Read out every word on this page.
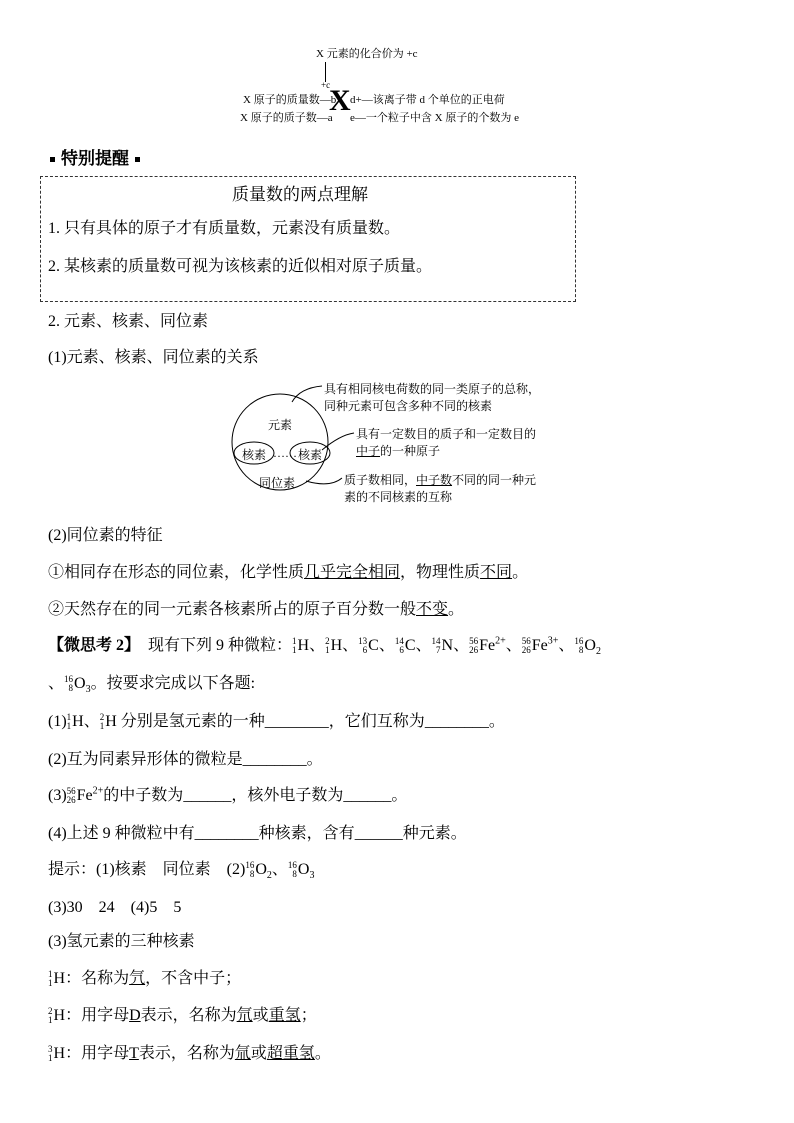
X 元素的化合价为 +c
+c
X
X 原子的质量数—b
X 原子的质子数—a
d+—该离子带 d 个单位的正电荷
e—一个粒子中含 X 原子的个数为 e
特别提醒
质量数的两点理解
1. 只有具体的原子才有质量数，元素没有质量数。
2. 某核素的质量数可视为该核素的近似相对原子质量。
2. 元素、核素、同位素
(1)元素、核素、同位素的关系
元素
核素 …… 核素
同位素
具有相同核电荷数的同一类原子的总称，
同种元素可包含多种不同的核素
具有一定数目的质子和一定数目的
中子的一种原子
质子数相同，中子数不同的同一种元
素的不同核素的互称
(2)同位素的特征
①相同存在形态的同位素，化学性质几乎完全相同，物理性质不同。
②天然存在的同一元素各核素所占的原子百分数一般不变。
【微思考 2】 现有下列 9 种微粒： 1
1 H、 2
1 H、 13
6 C、 14
6 C、 14
7 N、 56
26 $Fe^{2+}$、 56
26 $Fe^{3+}$、 16
8 $O_2$
、 16
8 $O_3$。按要求完成以下各题:
(1) 1
1 H、 2
1 H 分别是氢元素的一种________，它们互称为________。
(2)互为同素异形体的微粒是________。
(3) 56
26 $Fe^{2+}$的中子数为______，核外电子数为______。
(4)上述 9 种微粒中有________种核素，含有______种元素。
提示：(1)核素　同位素　(2) 16
8 $O_2$、 16
8 $O_3$
(3)30　24　(4)5　5
(3)氢元素的三种核素
1
1 H：名称为氕，不含中子；
2
1 H：用字母D表示，名称为氘或重氢；
3
1 H：用字母T表示，名称为氚或超重氢。
